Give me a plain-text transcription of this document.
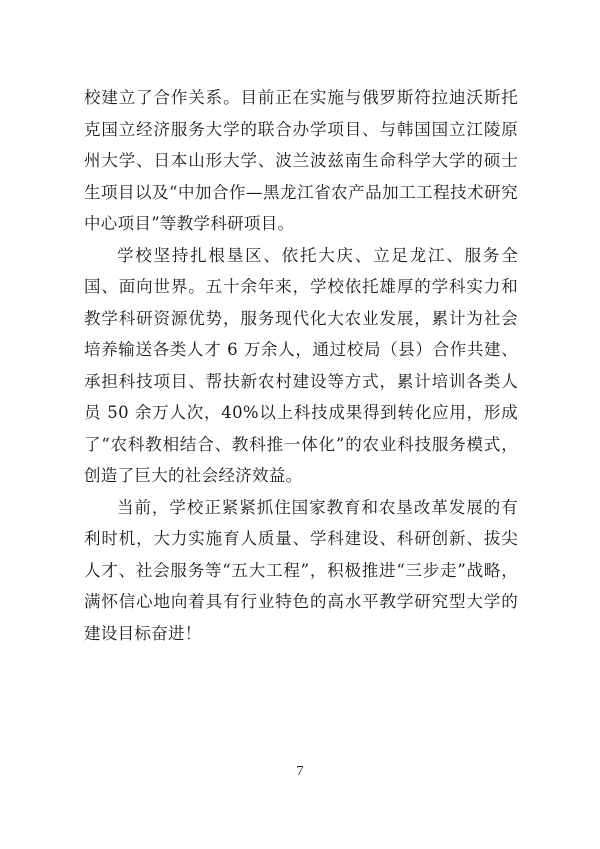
校建立了合作关系。目前正在实施与俄罗斯符拉迪沃斯托克国立经济服务大学的联合办学项目、与韩国国立江陵原州大学、日本山形大学、波兰波兹南生命科学大学的硕士生项目以及“中加合作—黑龙江省农产品加工工程技术研究中心项目”等教学科研项目。

学校坚持扎根垦区、依托大庆、立足龙江、服务全国、面向世界。五十余年来，学校依托雄厚的学科实力和教学科研资源优势，服务现代化大农业发展，累计为社会培养输送各类人才 6 万余人，通过校局（县）合作共建、承担科技项目、帮扶新农村建设等方式，累计培训各类人员 50 余万人次，40%以上科技成果得到转化应用，形成了“农科教相结合、教科推一体化”的农业科技服务模式，创造了巨大的社会经济效益。

当前，学校正紧紧抓住国家教育和农垦改革发展的有利时机，大力实施育人质量、学科建设、科研创新、拔尖人才、社会服务等“五大工程”，积极推进“三步走”战略，满怀信心地向着具有行业特色的高水平教学研究型大学的建设目标奋进！

7
